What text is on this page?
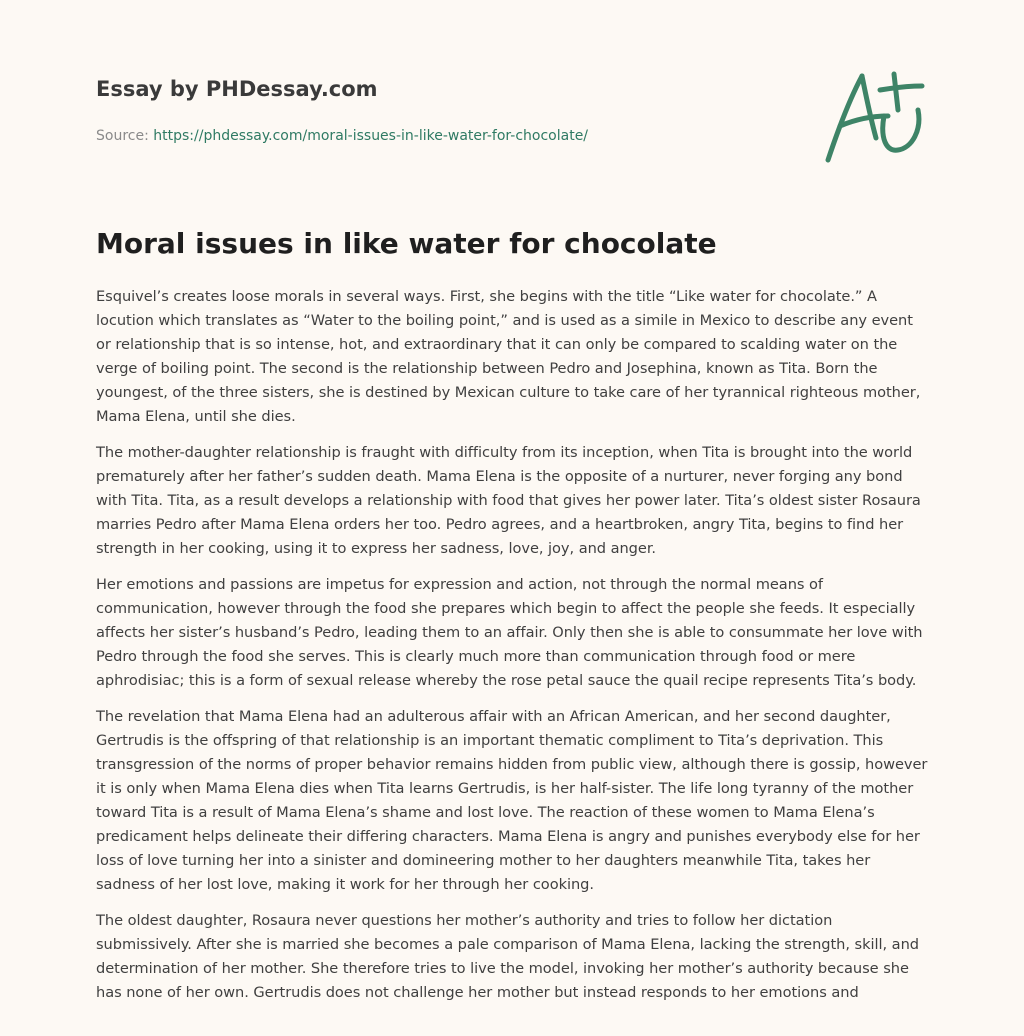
Essay by PHDessay.com
Source: https://phdessay.com/moral-issues-in-like-water-for-chocolate/
Moral issues in like water for chocolate

Esquivel’s creates loose morals in several ways. First, she begins with the title “Like water for chocolate.” A locution which translates as “Water to the boiling point,” and is used as a simile in Mexico to describe any event or relationship that is so intense, hot, and extraordinary that it can only be compared to scalding water on the verge of boiling point. The second is the relationship between Pedro and Josephina, known as Tita. Born the youngest, of the three sisters, she is destined by Mexican culture to take care of her tyrannical righteous mother, Mama Elena, until she dies.

The mother-daughter relationship is fraught with difficulty from its inception, when Tita is brought into the world prematurely after her father’s sudden death. Mama Elena is the opposite of a nurturer, never forging any bond with Tita. Tita, as a result develops a relationship with food that gives her power later. Tita’s oldest sister Rosaura marries Pedro after Mama Elena orders her too. Pedro agrees, and a heartbroken, angry Tita, begins to find her strength in her cooking, using it to express her sadness, love, joy, and anger.

Her emotions and passions are impetus for expression and action, not through the normal means of communication, however through the food she prepares which begin to affect the people she feeds. It especially affects her sister’s husband’s Pedro, leading them to an affair. Only then she is able to consummate her love with Pedro through the food she serves. This is clearly much more than communication through food or mere aphrodisiac; this is a form of sexual release whereby the rose petal sauce the quail recipe represents Tita’s body.

The revelation that Mama Elena had an adulterous affair with an African American, and her second daughter, Gertrudis is the offspring of that relationship is an important thematic compliment to Tita’s deprivation. This transgression of the norms of proper behavior remains hidden from public view, although there is gossip, however it is only when Mama Elena dies when Tita learns Gertrudis, is her half-sister. The life long tyranny of the mother toward Tita is a result of Mama Elena’s shame and lost love. The reaction of these women to Mama Elena’s predicament helps delineate their differing characters. Mama Elena is angry and punishes everybody else for her loss of love turning her into a sinister and domineering mother to her daughters meanwhile Tita, takes her sadness of her lost love, making it work for her through her cooking.

The oldest daughter, Rosaura never questions her mother’s authority and tries to follow her dictation submissively. After she is married she becomes a pale comparison of Mama Elena, lacking the strength, skill, and determination of her mother. She therefore tries to live the model, invoking her mother’s authority because she has none of her own. Gertrudis does not challenge her mother but instead responds to her emotions and
